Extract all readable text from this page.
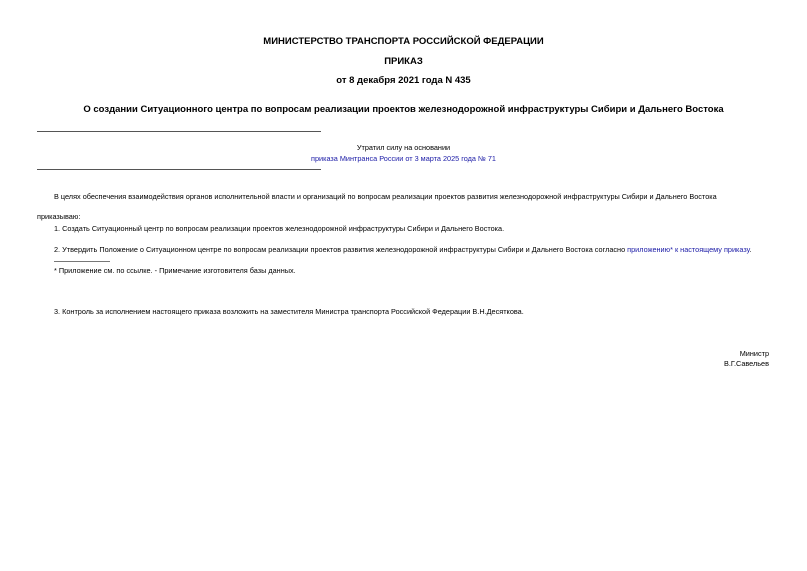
МИНИСТЕРСТВО ТРАНСПОРТА РОССИЙСКОЙ ФЕДЕРАЦИИ
ПРИКАЗ
от 8 декабря 2021 года N 435
О создании Ситуационного центра по вопросам реализации проектов железнодорожной инфраструктуры Сибири и Дальнего Востока
Утратил силу на основании
приказа Минтранса России от 3 марта 2025 года № 71
В целях обеспечения взаимодействия органов исполнительной власти и организаций по вопросам реализации проектов развития железнодорожной инфраструктуры Сибири и Дальнего Востока
приказываю:
1. Создать Ситуационный центр по вопросам реализации проектов железнодорожной инфраструктуры Сибири и Дальнего Востока.
2. Утвердить Положение о Ситуационном центре по вопросам реализации проектов развития железнодорожной инфраструктуры Сибири и Дальнего Востока согласно приложению* к настоящему приказу.
* Приложение см. по ссылке. - Примечание изготовителя базы данных.
3. Контроль за исполнением настоящего приказа возложить на заместителя Министра транспорта Российской Федерации В.Н.Десяткова.
Министр
В.Г.Савельев
